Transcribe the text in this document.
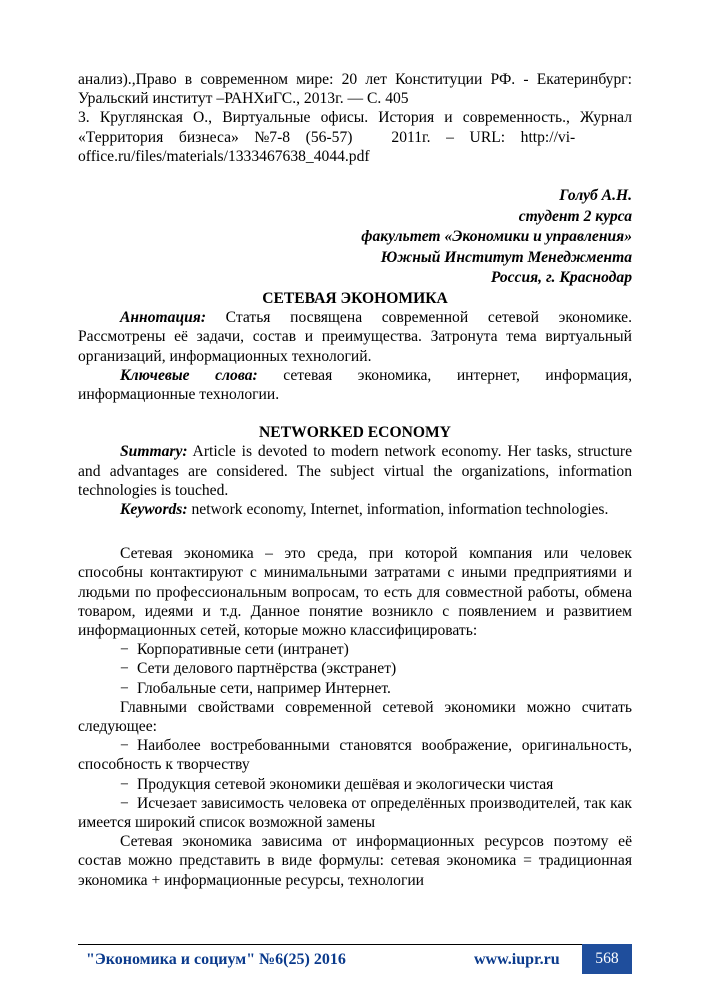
анализ).,Право в современном мире: 20 лет Конституции РФ. - Екатеринбург:

Уральский институт –РАНХиГС., 2013г. — С. 405

3. Круглянская О., Виртуальные офисы. История и современность., Журнал

«Территория    бизнеса»    №7-8    (56-57)          2011г.    –    URL:    http://vi-

office.ru/files/materials/1333467638_4044.pdf

Голуб А.Н.
студент 2 курса
факультет «Экономики и управления»
Южный Институт Менеджмента
Россия, г. Краснодар

СЕТЕВАЯ ЭКОНОМИКА

Аннотация: Статья посвящена современной сетевой экономике. Рассмотрены её задачи, состав и преимущества. Затронута тема виртуальный организаций, информационных технологий.

Ключевые слова: сетевая экономика, интернет, информация, информационные технологии.

NETWORKED ECONOMY

Summary: Article is devoted to modern network economy. Her tasks, structure and advantages are considered. The subject virtual the organizations, information technologies is touched.

Keywords: network economy, Internet, information, information technologies.

Сетевая экономика – это среда, при которой компания или человек способны контактируют с минимальными затратами с иными предприятиями и людьми по профессиональным вопросам, то есть для совместной работы, обмена товаром, идеями и т.д. Данное понятие возникло с появлением и развитием информационных сетей, которые можно классифицировать:

− Корпоративные сети (интранет)

− Сети делового партнёрства (экстранет)

− Глобальные сети, например Интернет.

Главными свойствами современной сетевой экономики можно считать следующее:

− Наиболее востребованными становятся воображение, оригинальность, способность к творчеству

− Продукция сетевой экономики дешёвая и экологически чистая

− Исчезает зависимость человека от определённых производителей, так как имеется широкий список возможной замены

Сетевая экономика зависима от информационных ресурсов поэтому её состав можно представить в виде формулы: сетевая экономика = традиционная экономика + информационные ресурсы, технологии

"Экономика и социум" №6(25) 2016	www.iupr.ru	568
